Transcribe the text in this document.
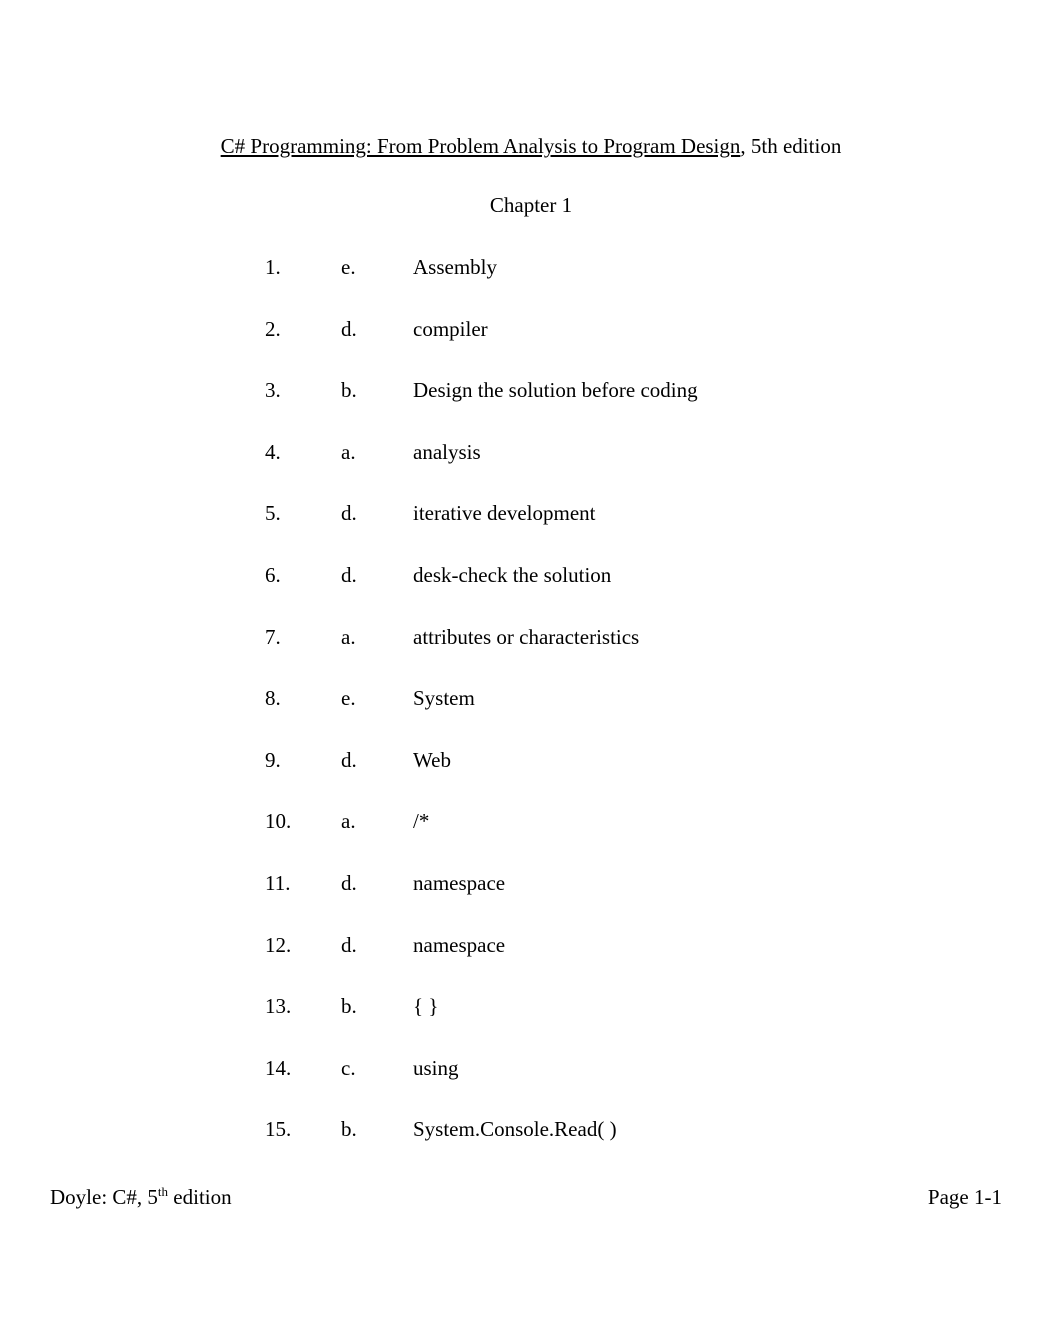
C# Programming: From Problem Analysis to Program Design, 5th edition
Chapter 1
1.	e.	Assembly
2.	d.	compiler
3.	b.	Design the solution before coding
4.	a.	analysis
5.	d.	iterative development
6.	d.	desk-check the solution
7.	a.	attributes or characteristics
8.	e.	System
9.	d.	Web
10. a.	/*
11. d.	namespace
12. d.	namespace
13. b.	{ }
14. c.	using
15. b.	System.Console.Read( )
Doyle: C#, 5th edition	Page 1-1
